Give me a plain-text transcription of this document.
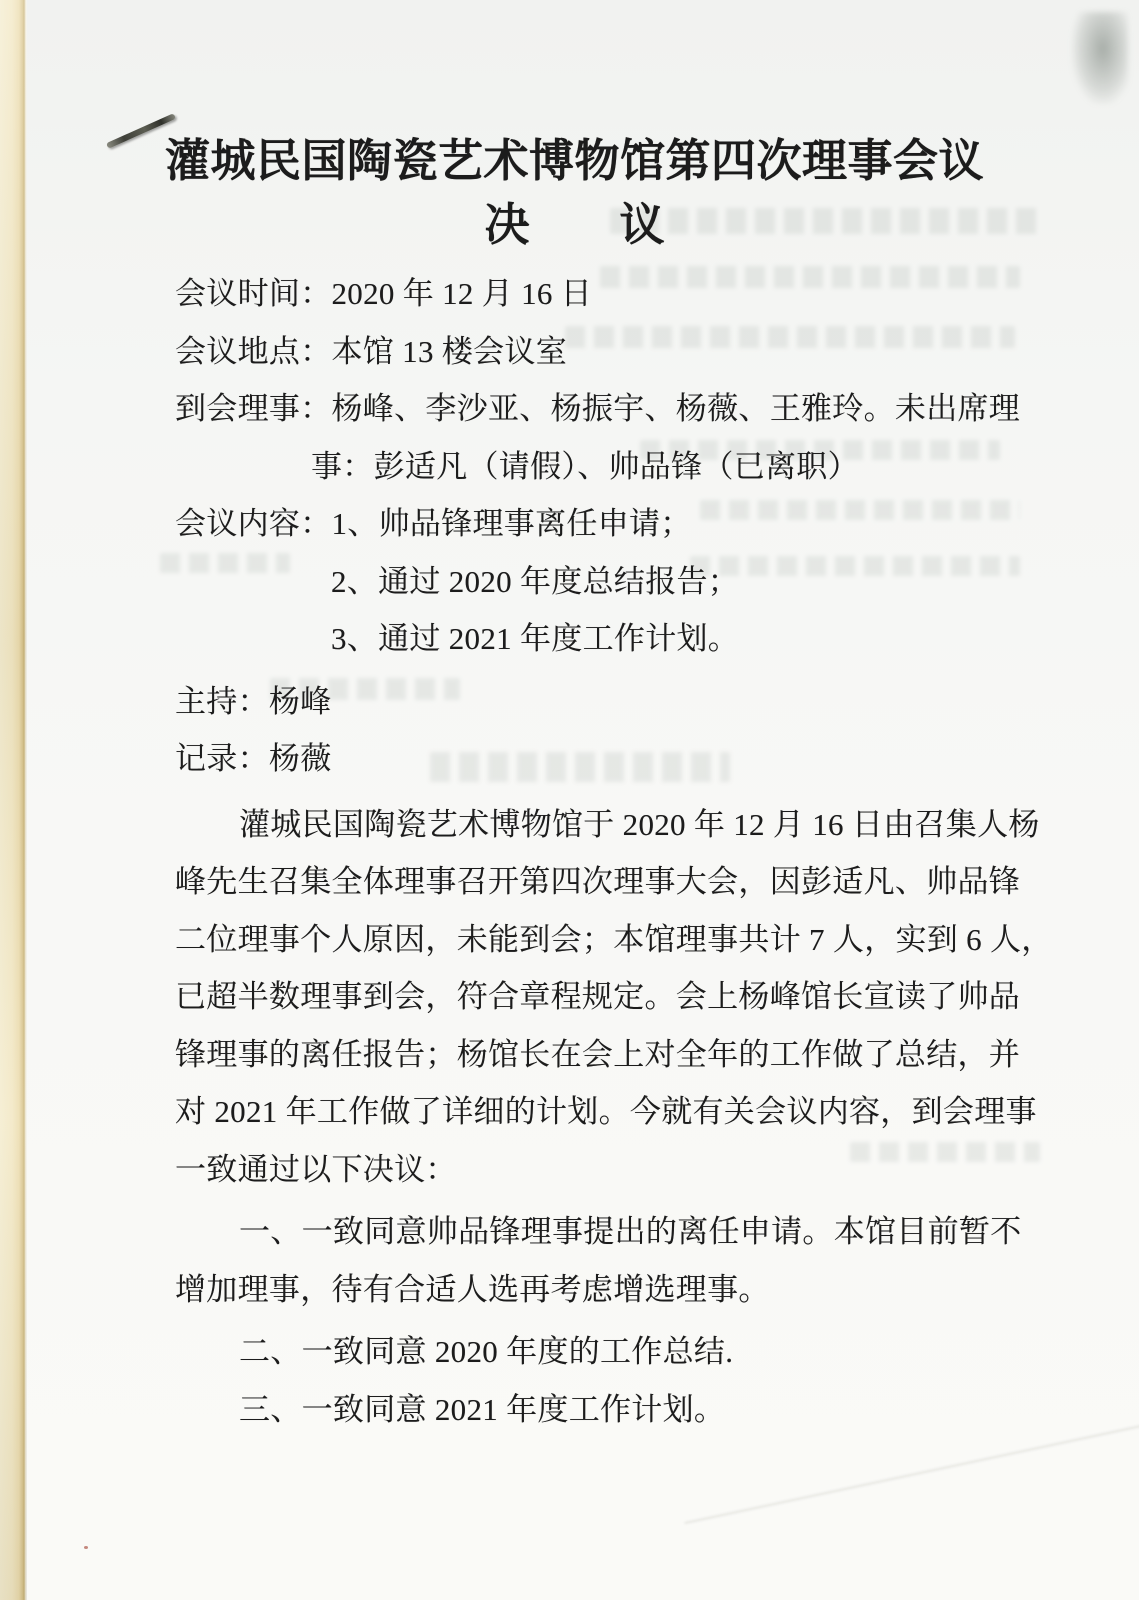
灌城民国陶瓷艺术博物馆第四次理事会议
决　　议
会议时间：2020 年 12 月 16 日
会议地点：本馆 13 楼会议室
到会理事：杨峰、李沙亚、杨振宇、杨薇、王雅玲。未出席理
事：彭适凡（请假）、帅品锋（已离职）
会议内容：1、帅品锋理事离任申请；
2、通过 2020 年度总结报告；
3、通过 2021 年度工作计划。
主持：杨峰
记录：杨薇
灌城民国陶瓷艺术博物馆于 2020 年 12 月 16 日由召集人杨
峰先生召集全体理事召开第四次理事大会，因彭适凡、帅品锋
二位理事个人原因，未能到会；本馆理事共计 7 人，实到 6 人，
已超半数理事到会，符合章程规定。会上杨峰馆长宣读了帅品
锋理事的离任报告；杨馆长在会上对全年的工作做了总结，并
对 2021 年工作做了详细的计划。今就有关会议内容，到会理事
一致通过以下决议：
一、一致同意帅品锋理事提出的离任申请。本馆目前暂不
增加理事，待有合适人选再考虑增选理事。
二、一致同意 2020 年度的工作总结.
三、一致同意 2021 年度工作计划。
